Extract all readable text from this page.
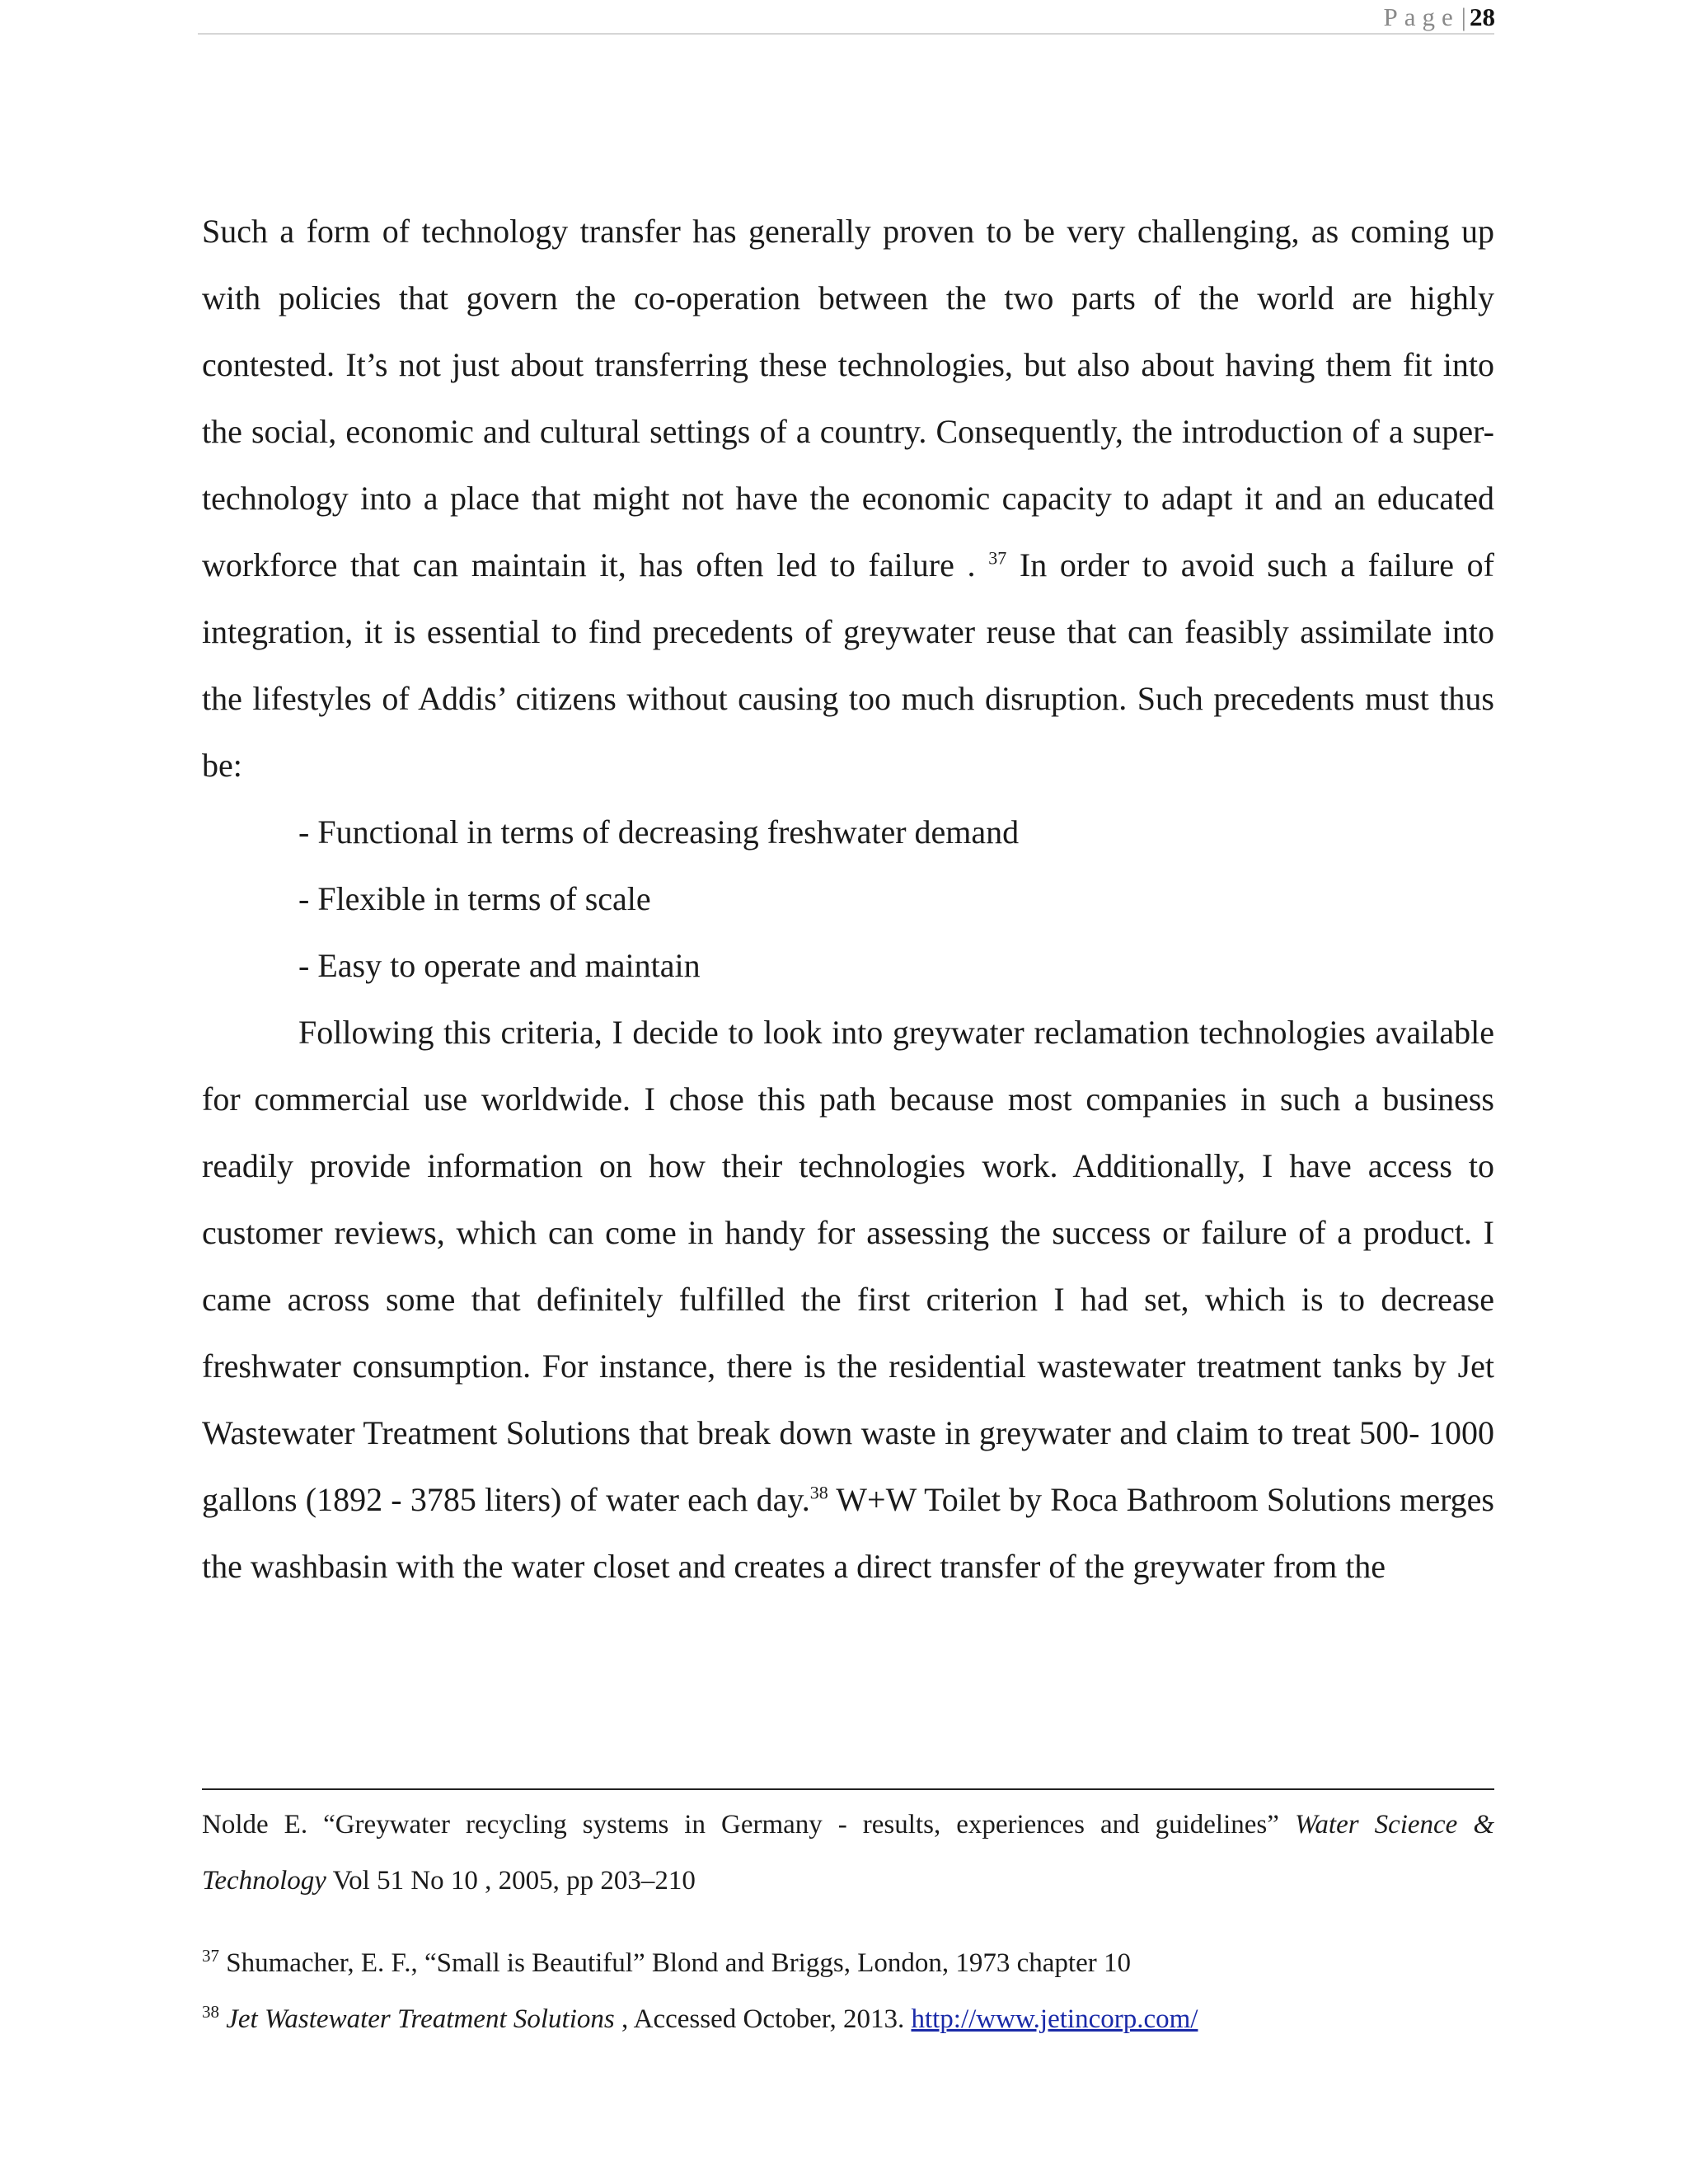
Page| 28

Such a form of technology transfer has generally proven to be very challenging, as coming up with policies that govern the co-operation between the two parts of the world are highly contested. It’s not just about transferring these technologies, but also about having them fit into the social, economic and cultural settings of a country. Consequently, the introduction of a super- technology into a place that might not have the economic capacity to adapt it and an educated workforce that can maintain it, has often led to failure . $^{37}$ In order to avoid such a failure of integration, it is essential to find precedents of greywater reuse that can feasibly assimilate into the lifestyles of Addis’ citizens without causing too much disruption. Such precedents must thus be:

- Functional in terms of decreasing freshwater demand

- Flexible in terms of scale

- Easy to operate and maintain

Following this criteria, I decide to look into greywater reclamation technologies available for commercial use worldwide. I chose this path because most companies in such a business readily provide information on how their technologies work. Additionally, I have access to customer reviews, which can come in handy for assessing the success or failure of a product. I came across some that definitely fulfilled the first criterion I had set, which is to decrease freshwater consumption. For instance, there is the residential wastewater treatment tanks by Jet Wastewater Treatment Solutions that break down waste in greywater and claim to treat 500- 1000 gallons (1892 - 3785 liters) of water each day.$^{38}$ W+W Toilet by Roca Bathroom Solutions merges the washbasin with the water closet and creates a direct transfer of the greywater from the

Nolde E. “Greywater recycling systems in Germany - results, experiences and guidelines” Water Science & Technology Vol 51 No 10 , 2005, pp 203–210

$^{37}$ Shumacher, E. F., “Small is Beautiful” Blond and Briggs, London, 1973 chapter 10

$^{38}$ Jet Wastewater Treatment Solutions , Accessed October, 2013. http://www.jetincorp.com/
